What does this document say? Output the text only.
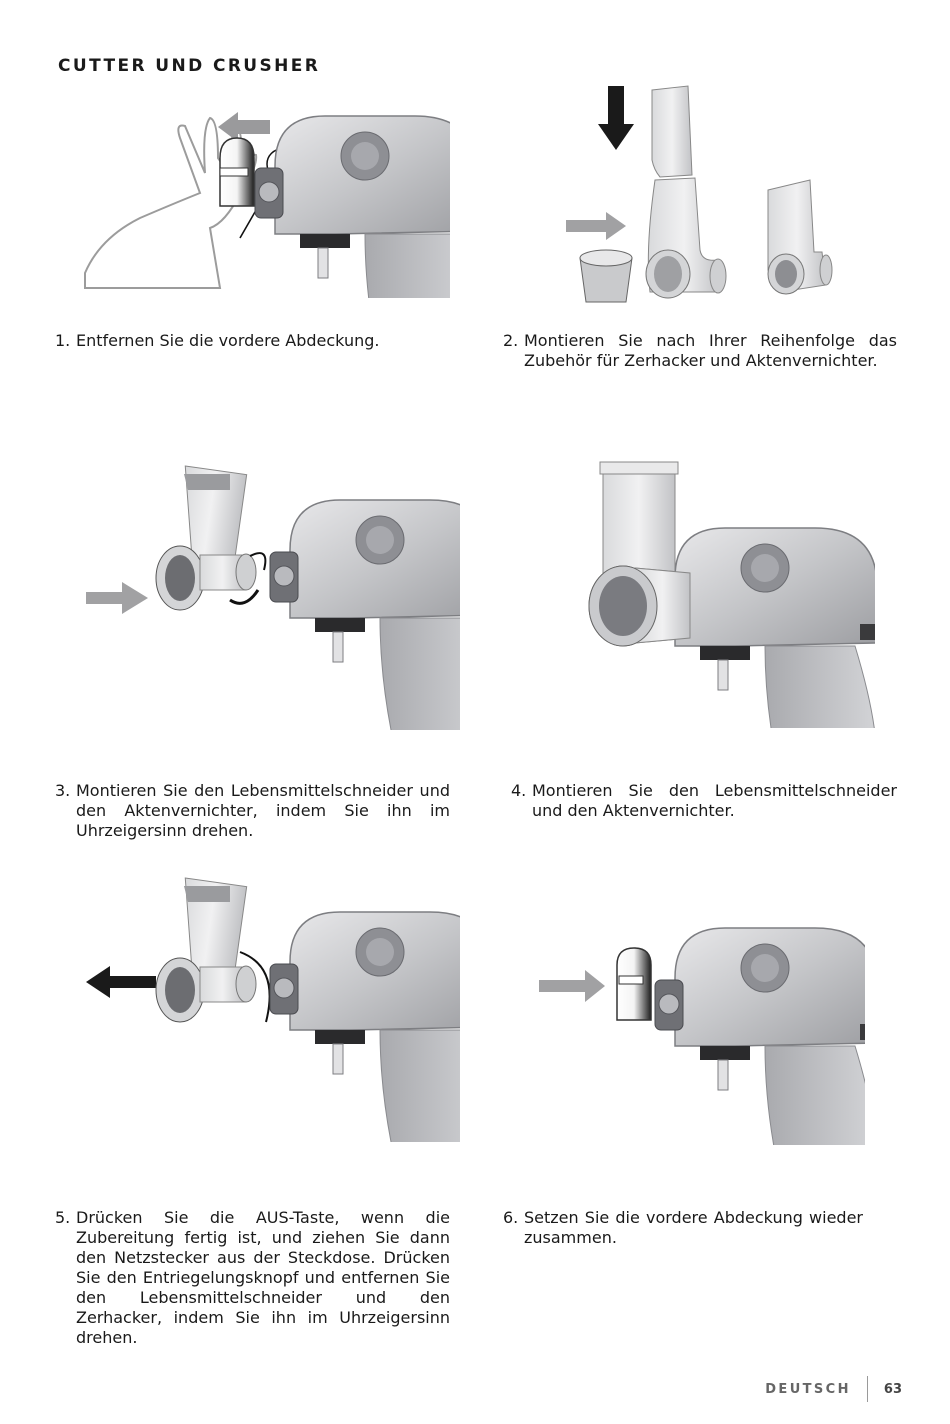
CUTTER UND CRUSHER
1. Entfernen Sie die vordere Abdeckung.	2. Montieren Sie nach Ihrer Reihenfolge das Zubehör für Zerhacker und Aktenvernichter.
3. Montieren Sie den Lebensmittelschneider und den Aktenvernichter, indem Sie ihn im Uhrzeigersinn drehen.
4. Montieren Sie den Lebensmittelschneider und den Aktenvernichter.
5. Drücken Sie die AUS-Taste, wenn die Zubereitung fertig ist, und ziehen Sie dann den Netzstecker aus der Steckdose. Drücken Sie den Entriegelungsknopf und entfernen Sie den Lebensmittelschneider und den Zerhacker, indem Sie ihn im Uhrzeigersinn drehen.
6. Setzen Sie die vordere Abdeckung wieder zusammen.
DEUTSCH	63
